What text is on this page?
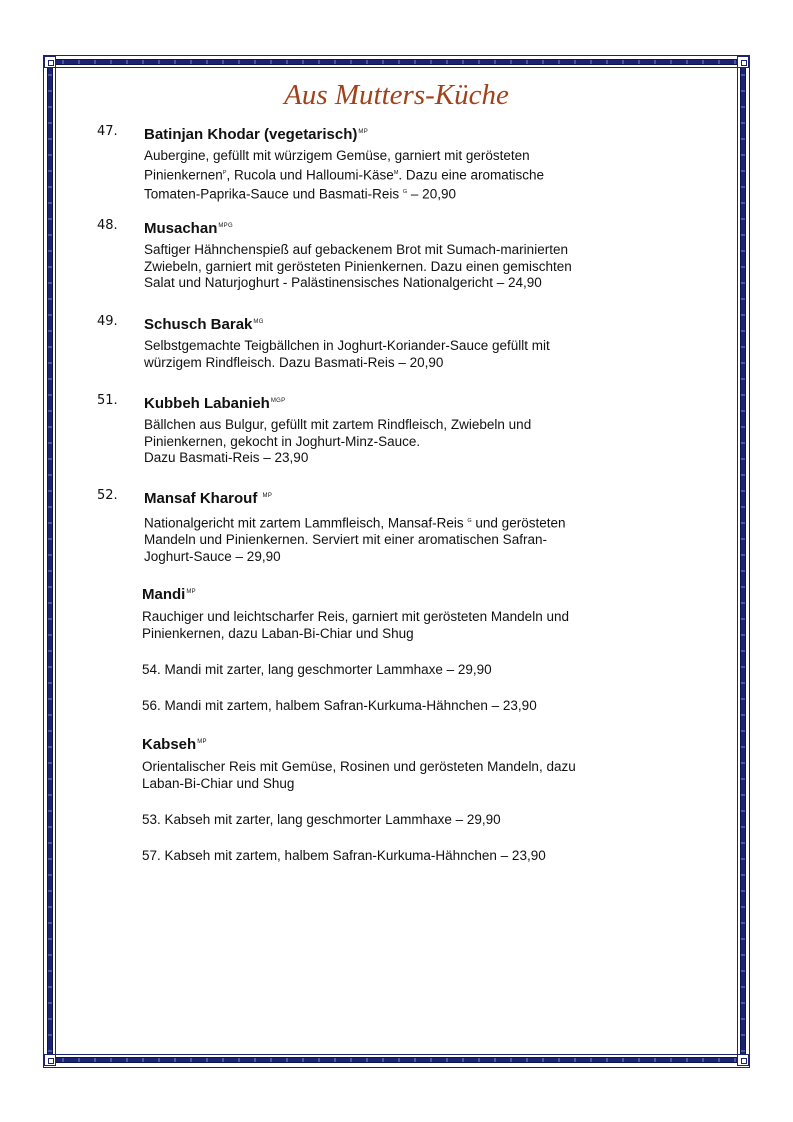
Aus Mutters-Küche
47. Batinjan Khodar (vegetarisch)$^{MP}$
Aubergine, gefüllt mit würzigem Gemüse, garniert mit gerösteten
Pinienkernen$^P$, Rucola und Halloumi-Käse$^M$. Dazu eine aromatische
Tomaten-Paprika-Sauce und Basmati-Reis $^G$ – 20,90
48. Musachan$^{MPG}$
Saftiger Hähnchenspieß auf gebackenem Brot mit Sumach-marinierten
Zwiebeln, garniert mit gerösteten Pinienkernen. Dazu einen gemischten
Salat und Naturjoghurt - Palästinensisches Nationalgericht – 24,90
49. Schusch Barak$^{MG}$
Selbstgemachte Teigbällchen in Joghurt-Koriander-Sauce gefüllt mit
würzigem Rindfleisch. Dazu Basmati-Reis – 20,90
51. Kubbeh Labanieh$^{MGP}$
Bällchen aus Bulgur, gefüllt mit zartem Rindfleisch, Zwiebeln und
Pinienkernen, gekocht in Joghurt-Minz-Sauce.
Dazu Basmati-Reis – 23,90
52. Mansaf Kharouf $^{MP}$
Nationalgericht mit zartem Lammfleisch, Mansaf-Reis $^G$ und gerösteten
Mandeln und Pinienkernen. Serviert mit einer aromatischen Safran-
Joghurt-Sauce – 29,90
Mandi$^{MP}$
Rauchiger und leichtscharfer Reis, garniert mit gerösteten Mandeln und
Pinienkernen, dazu Laban-Bi-Chiar und Shug
54. Mandi mit zarter, lang geschmorter Lammhaxe – 29,90
56. Mandi mit zartem, halbem Safran-Kurkuma-Hähnchen – 23,90
Kabseh$^{MP}$
Orientalischer Reis mit Gemüse, Rosinen und gerösteten Mandeln, dazu
Laban-Bi-Chiar und Shug
53. Kabseh mit zarter, lang geschmorter Lammhaxe – 29,90
57. Kabseh mit zartem, halbem Safran-Kurkuma-Hähnchen – 23,90
